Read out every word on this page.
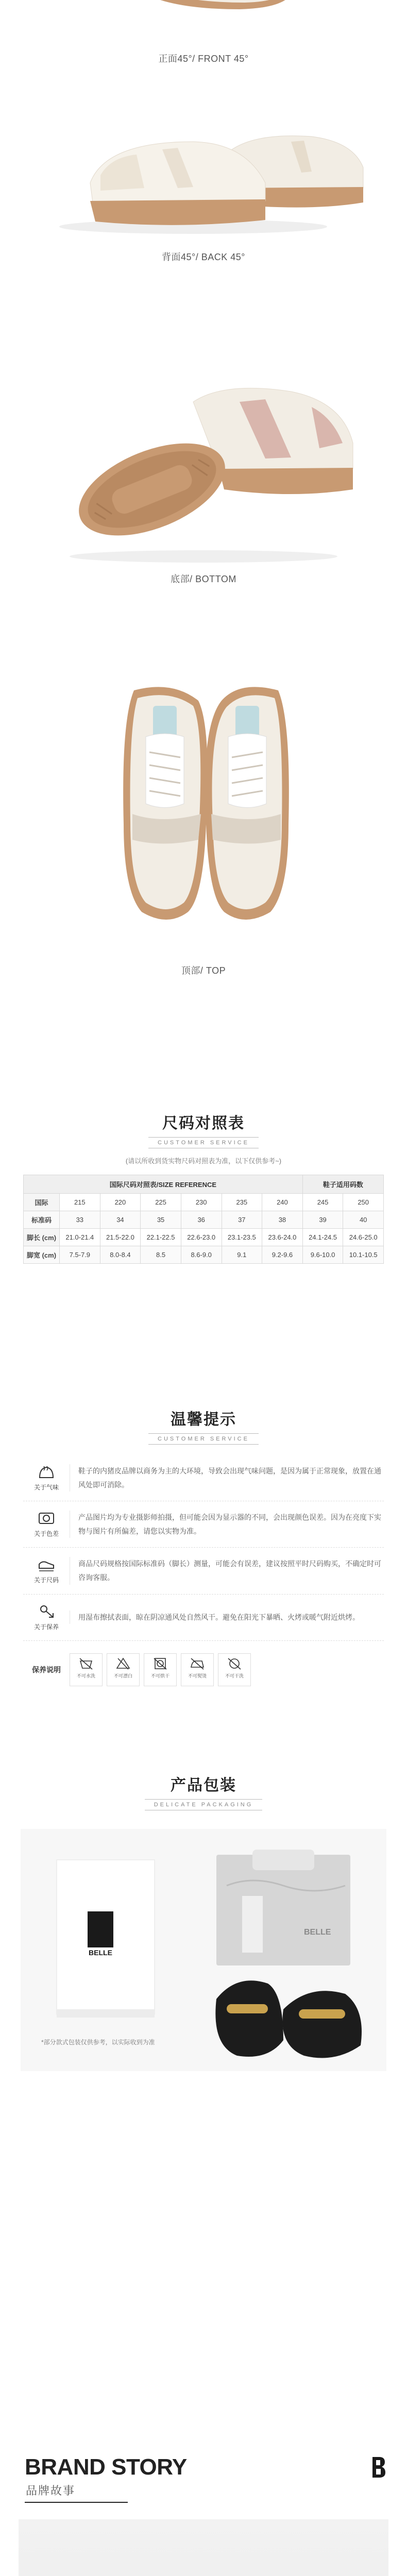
正面45°/ FRONT 45°
背面45°/ BACK 45°
底部/ BOTTOM
顶部/ TOP
尺码对照表
CUSTOMER SERVICE
(请以所收到货实物尺码对照表为准，以下仅供参考~)
国际尺码对照表/SIZE REFERENCE							鞋子适用码数	
国际	215	220	225	230	235	240	245	250
标准码	33	34	35	36	37	38	39	40
脚长 (cm)	21.0-21.4	21.5-22.0	22.1-22.5	22.6-23.0	23.1-23.5	23.6-24.0	24.1-24.5	24.6-25.0
脚宽 (cm)	7.5-7.9	8.0-8.4	8.5	8.6-9.0	9.1	9.2-9.6	9.6-10.0	10.1-10.5
温馨提示
CUSTOMER SERVICE
关于气味
鞋子的内猪皮品牌以商务为主的大环境，导致会出现气味问题，是因为属于正常现象，放置在通风处即可消除。
关于色差
产品图片均为专业摄影师拍摄，但可能会因为显示器的不同，会出现颜色误差。因为在亮度下实物与图片有所偏差，请您以实物为准。
关于尺码
商品尺码规格按国际标准码（脚长）测量，可能会有误差，建议按照平时尺码购买，不确定时可咨询客服。
关于保养
用湿布擦拭表面，晾在阴凉通风处自然风干。避免在阳光下暴晒、火烤或暖气附近烘烤。
保养说明
不可水洗	不可漂白	不可烘干	不可熨烫	不可干洗
产品包装
DELICATE PACKAGING
BELLE
BELLE
*部分款式包装仅供参考，以实际收到为准
BRAND STORY
品牌故事
